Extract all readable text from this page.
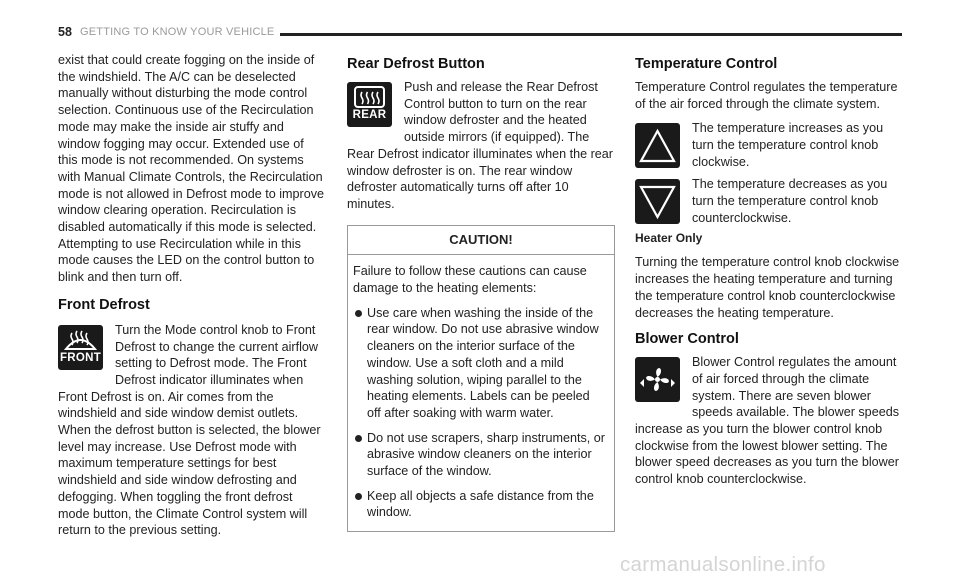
58 GETTING TO KNOW YOUR VEHICLE

exist that could create fogging on the inside of the windshield. The A/C can be deselected manually without disturbing the mode control selection. Continuous use of the Recirculation mode may make the inside air stuffy and window fogging may occur. Extended use of this mode is not recommended. On systems with Manual Climate Controls, the Recirculation mode is not allowed in Defrost mode to improve window clearing operation. Recirculation is disabled automatically if this mode is selected. Attempting to use Recirculation while in this mode causes the LED on the control button to blink and then turn off.

Front Defrost
FRONT

Turn the Mode control knob to Front Defrost to change the current airflow setting to Defrost mode. The Front Defrost indicator illuminates when Front Defrost is on. Air comes from the windshield and side window demist outlets. When the defrost button is selected, the blower level may increase. Use Defrost mode with maximum temperature settings for best windshield and side window defrosting and defogging. When toggling the front defrost mode button, the Climate Control system will return to the previous setting.

Rear Defrost Button
REAR

Push and release the Rear Defrost Control button to turn on the rear window defroster and the heated outside mirrors (if equipped). The Rear Defrost indicator illuminates when the rear window defroster is on. The rear window defroster automatically turns off after 10 minutes.

CAUTION!

Failure to follow these cautions can cause damage to the heating elements:

Use care when washing the inside of the rear window. Do not use abrasive window cleaners on the interior surface of the window. Use a soft cloth and a mild washing solution, wiping parallel to the heating elements. Labels can be peeled off after soaking with warm water.
Do not use scrapers, sharp instruments, or abrasive window cleaners on the interior surface of the window.
Keep all objects a safe distance from the window.
Temperature Control

Temperature Control regulates the temperature of the air forced through the climate system.

The temperature increases as you turn the temperature control knob clockwise.

The temperature decreases as you turn the temperature control knob counterclockwise.

Heater Only

Turning the temperature control knob clockwise increases the heating temperature and turning the temperature control knob counterclockwise decreases the heating temperature.

Blower Control

Blower Control regulates the amount of air forced through the climate system. There are seven blower speeds available. The blower speeds increase as you turn the blower control knob clockwise from the lowest blower setting. The blower speed decreases as you turn the blower control knob counterclockwise.

carmanualsonline.info
